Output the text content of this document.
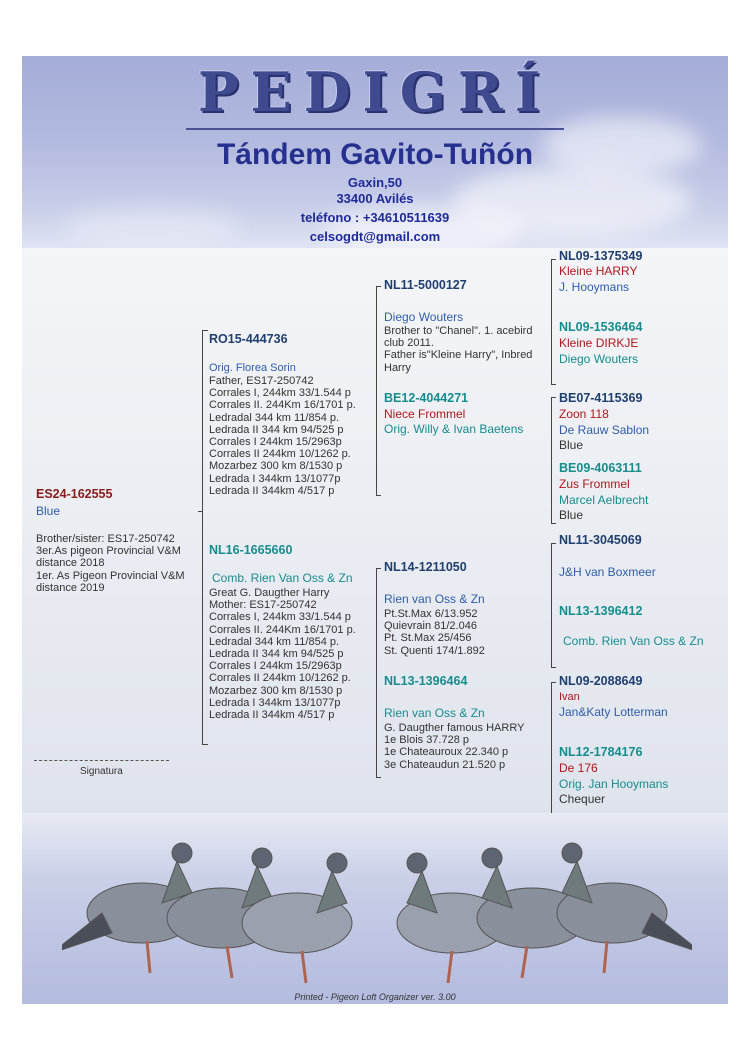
PEDIGRÍ
Tándem Gavito-Tuñón
Gaxin,50
33400 Avilés
teléfono : +34610511639
celsogdt@gmail.com
ES24-162555
Blue
Brother/sister: ES17-250742
3er.As pigeon Provincial V&M
distance 2018
1er. As Pigeon Provincial V&M
distance 2019
RO15-444736
Orig. Florea Sorin
Father, ES17-250742
Corrales I, 244km 33/1.544 p
Corrales II. 244Km 16/1701 p.
Ledradal 344 km 11/854 p.
Ledrada II 344 km 94/525 p
Corrales I 244km 15/2963p
Corrales II 244km 10/1262 p.
Mozarbez 300 km 8/1530 p
Ledrada I 344km 13/1077p
Ledrada II 344km 4/517 p
NL16-1665660
Comb. Rien Van Oss & Zn
Great G. Daugther Harry
Mother: ES17-250742
Corrales I, 244km 33/1.544 p
Corrales II. 244Km 16/1701 p.
Ledradal 344 km 11/854 p.
Ledrada II 344 km 94/525 p
Corrales I 244km 15/2963p
Corrales II 244km 10/1262 p.
Mozarbez 300 km 8/1530 p
Ledrada I 344km 13/1077p
Ledrada II 344km 4/517 p
NL11-5000127
Diego Wouters
Brother to "Chanel". 1. acebird
club 2011.
Father is"Kleine Harry", Inbred
Harry
BE12-4044271
Niece Frommel
Orig. Willy & Ivan Baetens
NL14-1211050
Rien van Oss & Zn
Pt.St.Max 6/13.952
Quievrain 81/2.046
Pt. St.Max 25/456
St. Quenti 174/1.892
NL13-1396464
Rien van Oss & Zn
G. Daugther famous HARRY
1e Blois 37.728 p
1e Chateauroux 22.340 p
3e Chateaudun 21.520 p
NL09-1375349
Kleine HARRY
J. Hooymans
NL09-1536464
Kleine DIRKJE
Diego Wouters
BE07-4115369
Zoon 118
De Rauw Sablon
Blue
BE09-4063111
Zus Frommel
Marcel Aelbrecht
Blue
NL11-3045069
J&H van Boxmeer
NL13-1396412
Comb. Rien Van Oss & Zn
NL09-2088649
Ivan
Jan&Katy Lotterman
NL12-1784176
De 176
Orig. Jan Hooymans
Chequer
Signatura
Printed - Pigeon Loft Organizer ver. 3.00
